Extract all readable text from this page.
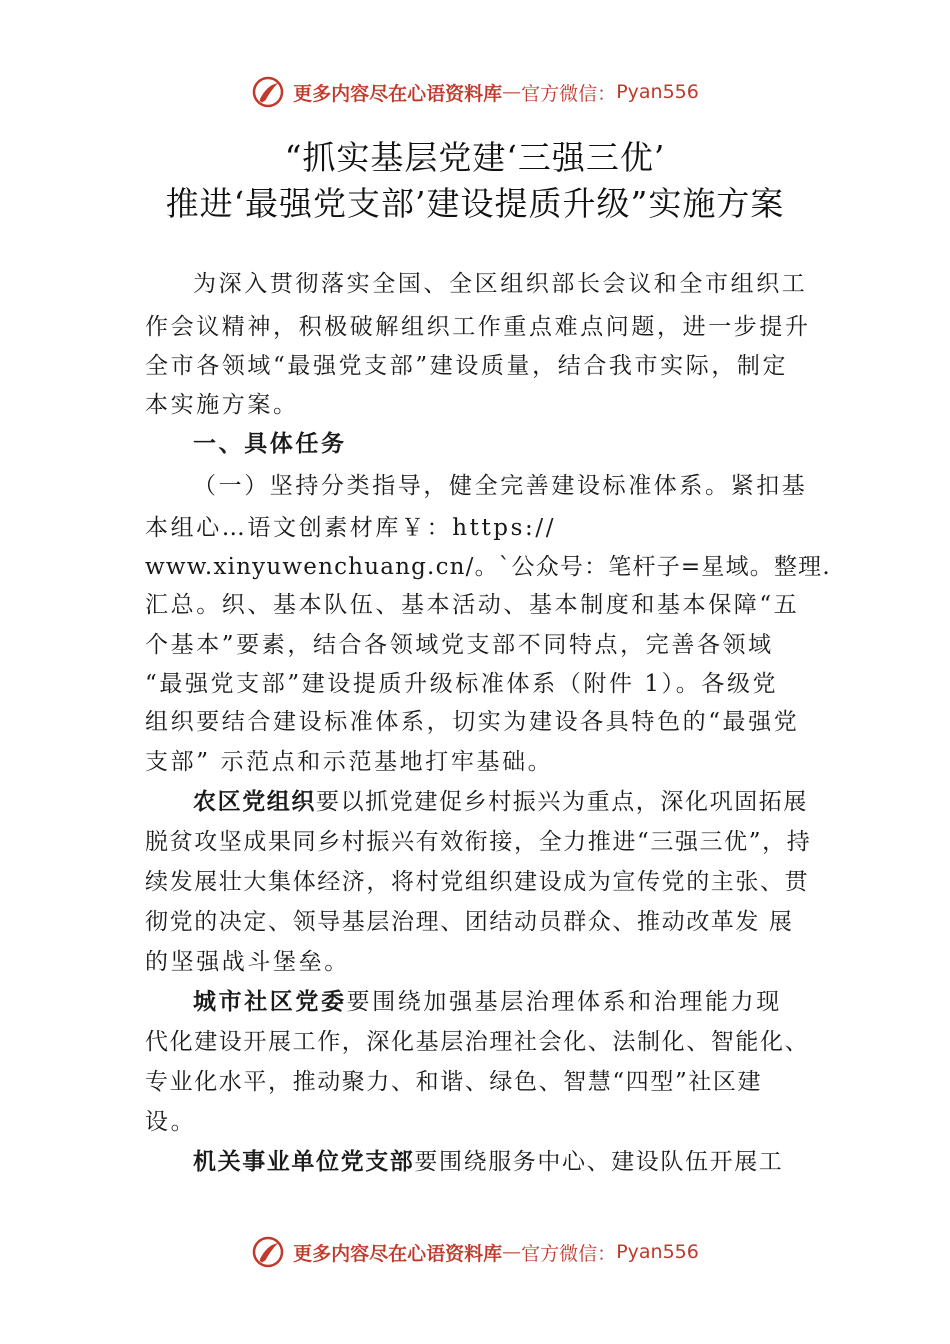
更多内容尽在心语资料库 — 官方微信： Pyan556
“抓实基层党建‘三强三优’
推进‘最强党支部’建设提质升级”实施方案
为深入贯彻落实全国、全区组织部长会议和全市组织工
作会议精神，积极破解组织工作重点难点问题，进一步提升
全市各领域“最强党支部”建设质量，结合我市实际，制定
本实施方案。
一、具体任务
（一）坚持分类指导，健全完善建设标准体系。紧扣基
本组心…语文创素材库￥：https://
www.xinyuwenchuang.cn/。`公众号：笔杆子=星域。整理.
汇总。织、基本队伍、基本活动、基本制度和基本保障“五
个基本”要素，结合各领域党支部不同特点，完善各领域
“最强党支部”建设提质升级标准体系（附件 1）。各级党
组织要结合建设标准体系，切实为建设各具特色的“最强党
支部” 示范点和示范基地打牢基础。
农区党组织要以抓党建促乡村振兴为重点，深化巩固拓展
脱贫攻坚成果同乡村振兴有效衔接，全力推进“三强三优”，持
续发展壮大集体经济，将村党组织建设成为宣传党的主张、贯
彻党的决定、领导基层治理、团结动员群众、推动改革发 展
的坚强战斗堡垒。
城市社区党委要围绕加强基层治理体系和治理能力现
代化建设开展工作，深化基层治理社会化、法制化、智能化、
专业化水平，推动聚力、和谐、绿色、智慧“四型”社区建
设。
机关事业单位党支部要围绕服务中心、建设队伍开展工
更多内容尽在心语资料库 — 官方微信： Pyan556
